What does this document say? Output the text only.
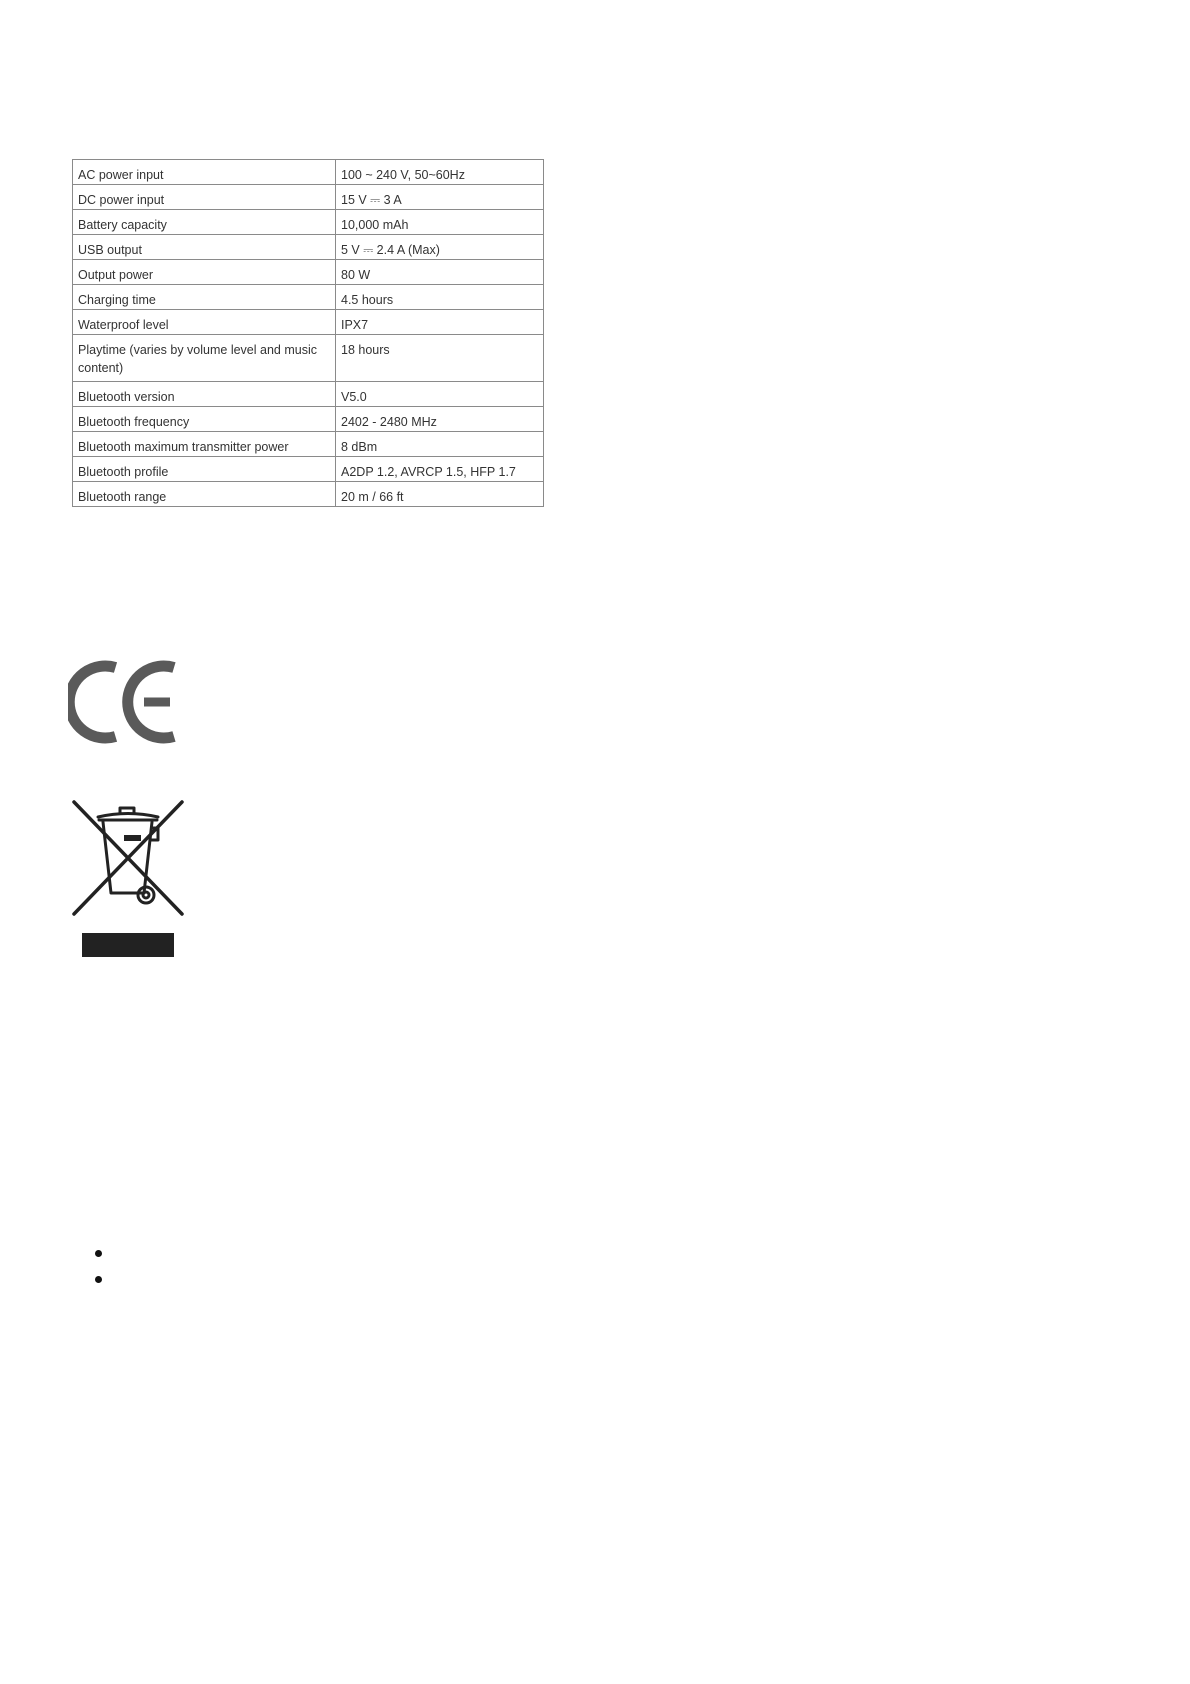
AC power input	100 ~ 240 V, 50~60Hz
DC power input	15 V ⎓ 3 A
Battery capacity	10,000 mAh
USB output	5 V ⎓ 2.4 A (Max)
Output power	80 W
Charging time	4.5 hours
Waterproof level	IPX7
Playtime (varies by volume level and music content)	18 hours
Bluetooth version	V5.0
Bluetooth frequency	2402 - 2480 MHz
Bluetooth maximum transmitter power	8 dBm
Bluetooth profile	A2DP 1.2, AVRCP 1.5, HFP 1.7
Bluetooth range	20 m / 66 ft
